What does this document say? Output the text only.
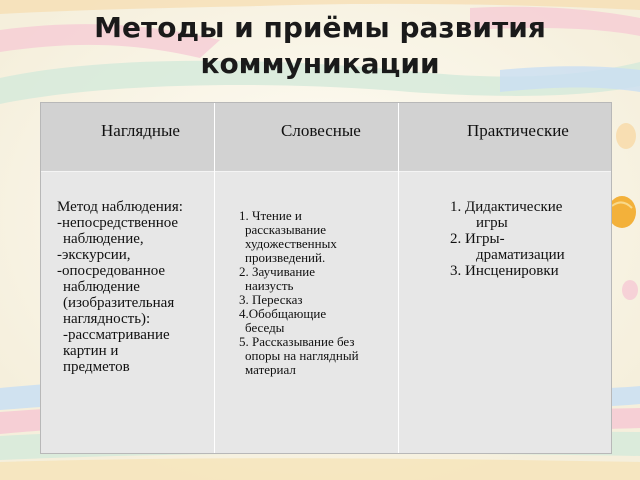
Методы и приёмы развития коммуникации
Наглядные	Словесные	Практические

Метод наблюдения:

-непосредственное

наблюдение,

-экскурсии,

-опосредованное

наблюдение

(изобразительная

наглядность):

-рассматривание

картин и

предметов

1. Чтение и

рассказывание

художественных

произведений.

2. Заучивание

наизусть

3. Пересказ

4.Обобщающие

беседы

5. Рассказывание без

опоры на наглядный

материал

1. Дидактические

игры

2. Игры-

драматизации

3. Инсценировки
